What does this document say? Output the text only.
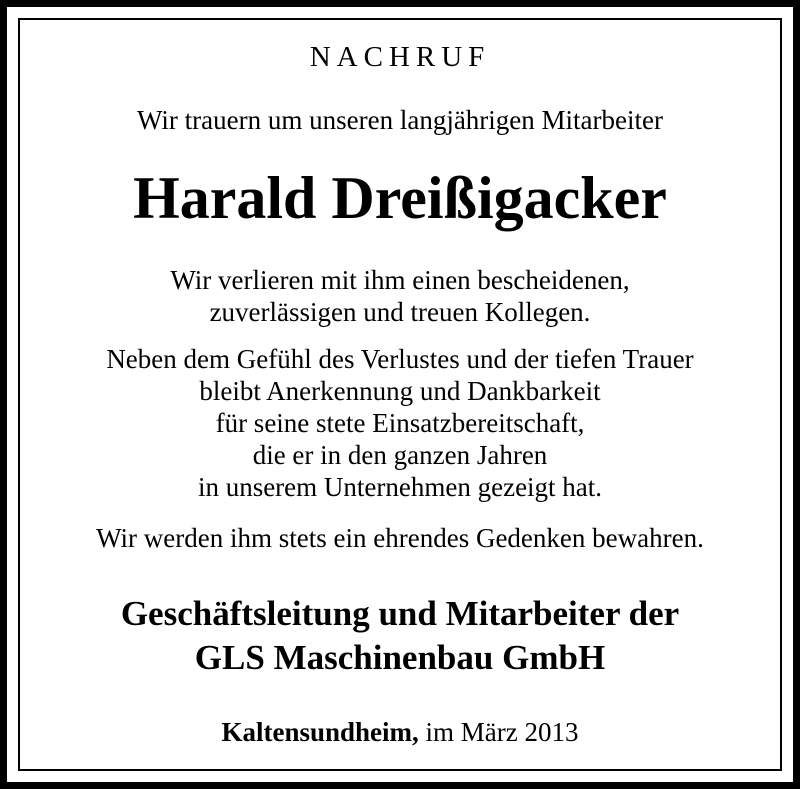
NACHRUF
Wir trauern um unseren langjährigen Mitarbeiter
Harald Dreißigacker
Wir verlieren mit ihm einen bescheidenen,
zuverlässigen und treuen Kollegen.
Neben dem Gefühl des Verlustes und der tiefen Trauer
bleibt Anerkennung und Dankbarkeit
für seine stete Einsatzbereitschaft,
die er in den ganzen Jahren
in unserem Unternehmen gezeigt hat.
Wir werden ihm stets ein ehrendes Gedenken bewahren.
Geschäftsleitung und Mitarbeiter der
GLS Maschinenbau GmbH
Kaltensundheim, im März 2013
